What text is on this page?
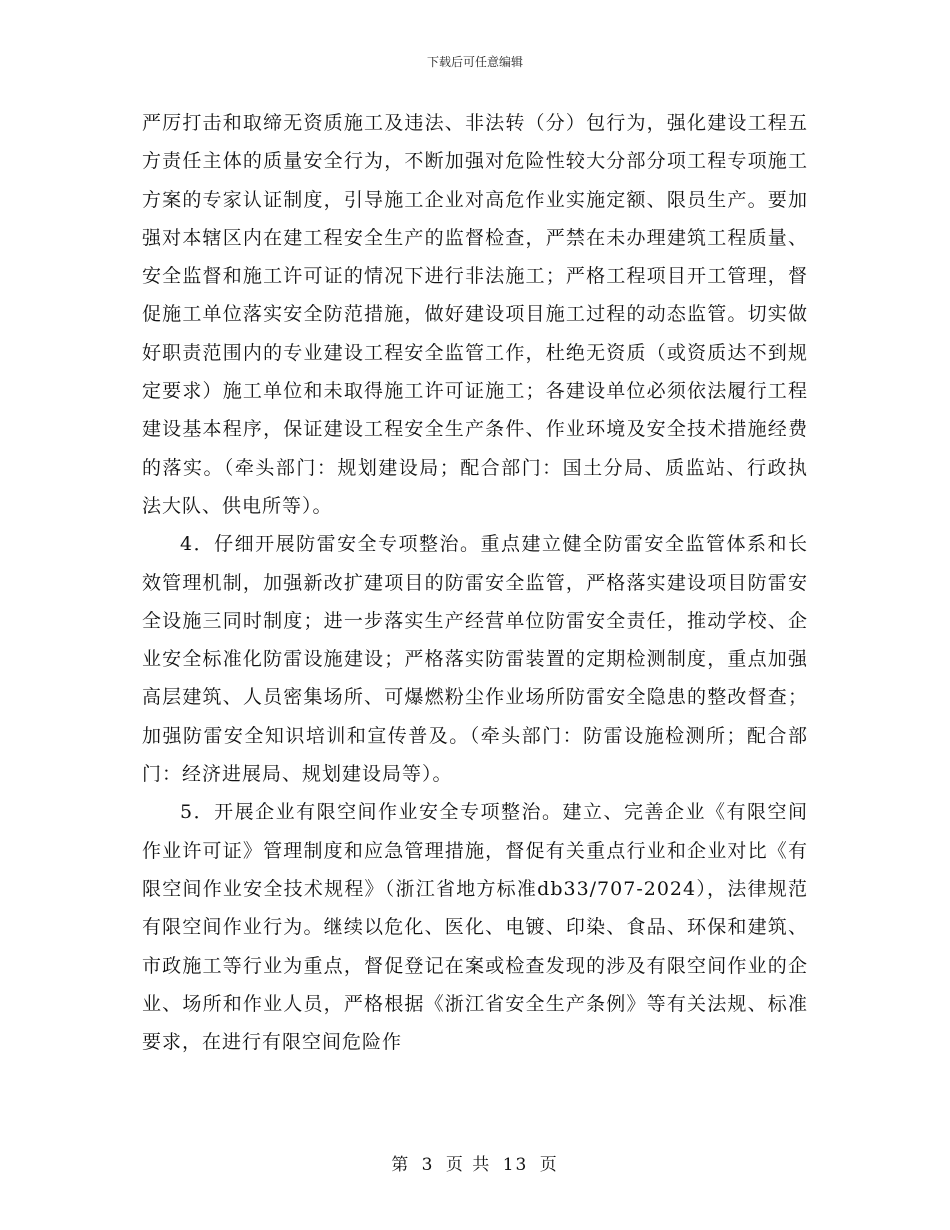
下载后可任意编辑

严厉打击和取缔无资质施工及违法、非法转（分）包行为，强化建设工程五方责任主体的质量安全行为，不断加强对危险性较大分部分项工程专项施工方案的专家认证制度，引导施工企业对高危作业实施定额、限员生产。要加强对本辖区内在建工程安全生产的监督检查，严禁在未办理建筑工程质量、安全监督和施工许可证的情况下进行非法施工；严格工程项目开工管理，督促施工单位落实安全防范措施，做好建设项目施工过程的动态监管。切实做好职责范围内的专业建设工程安全监管工作，杜绝无资质（或资质达不到规定要求）施工单位和未取得施工许可证施工；各建设单位必须依法履行工程建设基本程序，保证建设工程安全生产条件、作业环境及安全技术措施经费的落实。（牵头部门：规划建设局；配合部门：国土分局、质监站、行政执法大队、供电所等）。

4．仔细开展防雷安全专项整治。重点建立健全防雷安全监管体系和长效管理机制，加强新改扩建项目的防雷安全监管，严格落实建设项目防雷安全设施三同时制度；进一步落实生产经营单位防雷安全责任，推动学校、企业安全标准化防雷设施建设；严格落实防雷装置的定期检测制度，重点加强高层建筑、人员密集场所、可爆燃粉尘作业场所防雷安全隐患的整改督查；加强防雷安全知识培训和宣传普及。（牵头部门：防雷设施检测所；配合部门：经济进展局、规划建设局等）。

5．开展企业有限空间作业安全专项整治。建立、完善企业《有限空间作业许可证》管理制度和应急管理措施，督促有关重点行业和企业对比《有限空间作业安全技术规程》（浙江省地方标准db33/707-2024），法律规范有限空间作业行为。继续以危化、医化、电镀、印染、食品、环保和建筑、市政施工等行业为重点，督促登记在案或检查发现的涉及有限空间作业的企业、场所和作业人员，严格根据《浙江省安全生产条例》等有关法规、标准要求，在进行有限空间危险作

第 3 页 共 13 页
